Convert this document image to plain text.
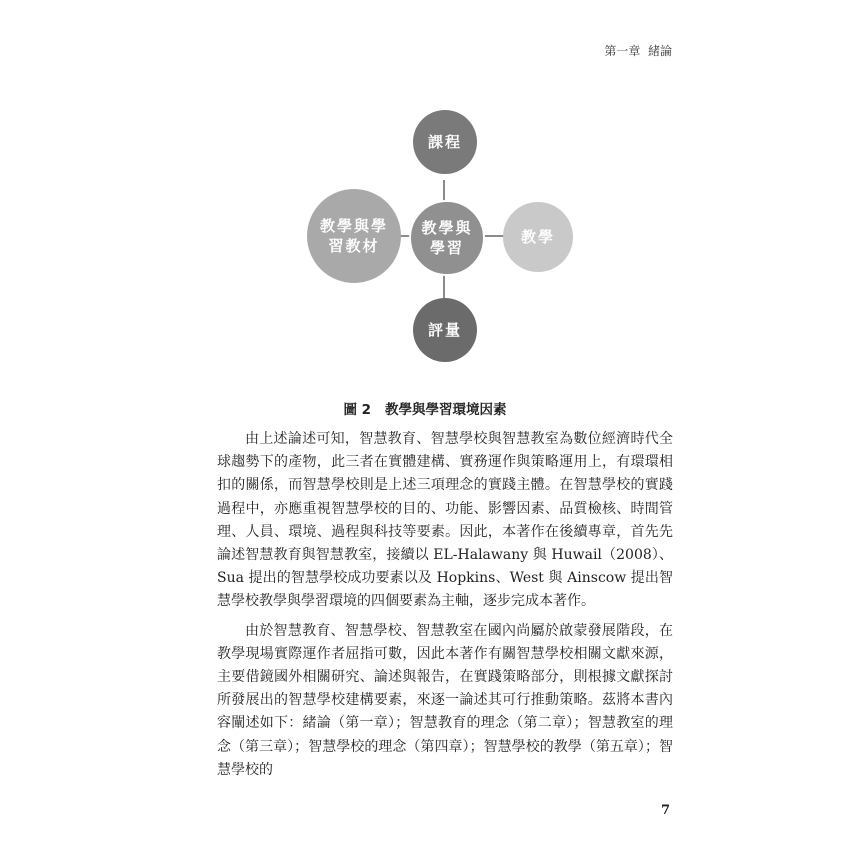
第一章  緒論
課程
教學與學
習教材
教學與
學習
教學
評量
圖 2 教學與學習環境因素

由上述論述可知，智慧教育、智慧學校與智慧教室為數位經濟時代全球趨勢下的產物，此三者在實體建構、實務運作與策略運用上，有環環相扣的關係，而智慧學校則是上述三項理念的實踐主體。在智慧學校的實踐過程中，亦應重視智慧學校的目的、功能、影響因素、品質檢核、時間管理、人員、環境、過程與科技等要素。因此，本著作在後續專章，首先先論述智慧教育與智慧教室，接續以 EL-Halawany 與 Huwail（2008）、Sua 提出的智慧學校成功要素以及 Hopkins、West 與 Ainscow 提出智慧學校教學與學習環境的四個要素為主軸，逐步完成本著作。

由於智慧教育、智慧學校、智慧教室在國內尚屬於啟蒙發展階段，在教學現場實際運作者屈指可數，因此本著作有關智慧學校相關文獻來源，主要借鏡國外相關研究、論述與報告，在實踐策略部分，則根據文獻探討所發展出的智慧學校建構要素，來逐一論述其可行推動策略。茲將本書內容闡述如下：緒論（第一章）；智慧教育的理念（第二章）；智慧教室的理念（第三章）；智慧學校的理念（第四章）；智慧學校的教學（第五章）；智慧學校的

7
